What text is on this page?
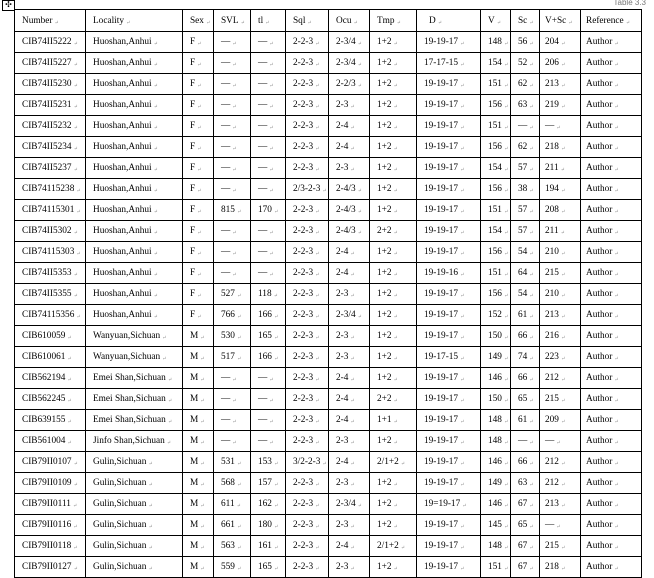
✣	Table 3.3
Number ↵	Locality ↵	Sex ↵	SVL ↵	tl ↵	Sql ↵	Ocu ↵	Tmp ↵	D ↵	V ↵	Sc ↵	V+Sc ↵	Reference ↵
CIB74II5222 ↵	Huoshan,Anhui ↵	F ↵	— ↵	— ↵	2-2-3 ↵	2-3/4 ↵	1+2 ↵	19-19-17 ↵	148 ↵	56 ↵	204 ↵	Author ↵
CIB74II5227 ↵	Huoshan,Anhui ↵	F ↵	— ↵	— ↵	2-2-3 ↵	2-3/4 ↵	1+2 ↵	17-17-15 ↵	154 ↵	52 ↵	206 ↵	Author ↵
CIB74II5230 ↵	Huoshan,Anhui ↵	F ↵	— ↵	— ↵	2-2-3 ↵	2-2/3 ↵	1+2 ↵	19-19-17 ↵	151 ↵	62 ↵	213 ↵	Author ↵
CIB74II5231 ↵	Huoshan,Anhui ↵	F ↵	— ↵	— ↵	2-2-3 ↵	2-3 ↵	1+2 ↵	19-19-17 ↵	156 ↵	63 ↵	219 ↵	Author ↵
CIB74II5232 ↵	Huoshan,Anhui ↵	F ↵	— ↵	— ↵	2-2-3 ↵	2-4 ↵	1+2 ↵	19-19-17 ↵	151 ↵	— ↵	— ↵	Author ↵
CIB74II5234 ↵	Huoshan,Anhui ↵	F ↵	— ↵	— ↵	2-2-3 ↵	2-4 ↵	1+2 ↵	19-19-17 ↵	156 ↵	62 ↵	218 ↵	Author ↵
CIB74II5237 ↵	Huoshan,Anhui ↵	F ↵	— ↵	— ↵	2-2-3 ↵	2-3 ↵	1+2 ↵	19-19-17 ↵	154 ↵	57 ↵	211 ↵	Author ↵
CIB74115238 ↵	Huoshan,Anhui ↵	F ↵	— ↵	— ↵	2/3-2-3 ↵	2-4/3 ↵	1+2 ↵	19-19-17 ↵	156 ↵	38 ↵	194 ↵	Author ↵
CIB74115301 ↵	Huoshan,Anhui ↵	F ↵	815 ↵	170 ↵	2-2-3 ↵	2-4/3 ↵	1+2 ↵	19-19-17 ↵	151 ↵	57 ↵	208 ↵	Author ↵
CIB74II5302 ↵	Huoshan,Anhui ↵	F ↵	— ↵	— ↵	2-2-3 ↵	2-4/3 ↵	2+2 ↵	19-19-17 ↵	154 ↵	57 ↵	211 ↵	Author ↵
CIB74115303 ↵	Huoshan,Anhui ↵	F ↵	— ↵	— ↵	2-2-3 ↵	2-4 ↵	1+2 ↵	19-19-17 ↵	156 ↵	54 ↵	210 ↵	Author ↵
CIB74II5353 ↵	Huoshan,Anhui ↵	F ↵	— ↵	— ↵	2-2-3 ↵	2-4 ↵	1+2 ↵	19-19-16 ↵	151 ↵	64 ↵	215 ↵	Author ↵
CIB74II5355 ↵	Huoshan,Anhui ↵	F ↵	527 ↵	118 ↵	2-2-3 ↵	2-3 ↵	1+2 ↵	19-19-17 ↵	156 ↵	54 ↵	210 ↵	Author ↵
CIB74115356 ↵	Huoshan,Anhui ↵	F ↵	766 ↵	166 ↵	2-2-3 ↵	2-3/4 ↵	1+2 ↵	19-19-17 ↵	152 ↵	61 ↵	213 ↵	Author ↵
CIB610059 ↵	Wanyuan,Sichuan ↵	M ↵	530 ↵	165 ↵	2-2-3 ↵	2-3 ↵	1+2 ↵	19-19-17 ↵	150 ↵	66 ↵	216 ↵	Author ↵
CIB610061 ↵	Wanyuan,Sichuan ↵	M ↵	517 ↵	166 ↵	2-2-3 ↵	2-3 ↵	1+2 ↵	19-17-15 ↵	149 ↵	74 ↵	223 ↵	Author ↵
CIB562194 ↵	Emei Shan,Sichuan ↵	M ↵	— ↵	— ↵	2-2-3 ↵	2-4 ↵	1+2 ↵	19-19-17 ↵	146 ↵	66 ↵	212 ↵	Author ↵
CIB562245 ↵	Emei Shan,Sichuan ↵	M ↵	— ↵	— ↵	2-2-3 ↵	2-4 ↵	2+2 ↵	19-19-17 ↵	150 ↵	65 ↵	215 ↵	Author ↵
CIB639155 ↵	Emei Shan,Sichuan ↵	M ↵	— ↵	— ↵	2-2-3 ↵	2-4 ↵	1+1 ↵	19-19-17 ↵	148 ↵	61 ↵	209 ↵	Author ↵
CIB561004 ↵	Jinfo Shan,Sichuan ↵	M ↵	— ↵	— ↵	2-2-3 ↵	2-3 ↵	1+2 ↵	19-19-17 ↵	148 ↵	— ↵	— ↵	Author ↵
CIB79II0107 ↵	Gulin,Sichuan ↵	M ↵	531 ↵	153 ↵	3/2-2-3 ↵	2-4 ↵	2/1+2 ↵	19-19-17 ↵	146 ↵	66 ↵	212 ↵	Author ↵
CIB79II0109 ↵	Gulin,Sichuan ↵	M ↵	568 ↵	157 ↵	2-2-3 ↵	2-3 ↵	1+2 ↵	19-19-17 ↵	149 ↵	63 ↵	212 ↵	Author ↵
CIB79II0111 ↵	Gulin,Sichuan ↵	M ↵	611 ↵	162 ↵	2-2-3 ↵	2-3/4 ↵	1+2 ↵	19=19-17 ↵	146 ↵	67 ↵	213 ↵	Author ↵
CIB79II0116 ↵	Gulin,Sichuan ↵	M ↵	661 ↵	180 ↵	2-2-3 ↵	2-3 ↵	1+2 ↵	19-19-17 ↵	145 ↵	65 ↵	— ↵	Author ↵
CIB79II0118 ↵	Gulin,Sichuan ↵	M ↵	563 ↵	161 ↵	2-2-3 ↵	2-4 ↵	2/1+2 ↵	19-19-17 ↵	148 ↵	67 ↵	215 ↵	Author ↵
CIB79II0127 ↵	Gulin,Sichuan ↵	M ↵	559 ↵	165 ↵	2-2-3 ↵	2-3 ↵	1+2 ↵	19-19-17 ↵	151 ↵	67 ↵	218 ↵	Author ↵
